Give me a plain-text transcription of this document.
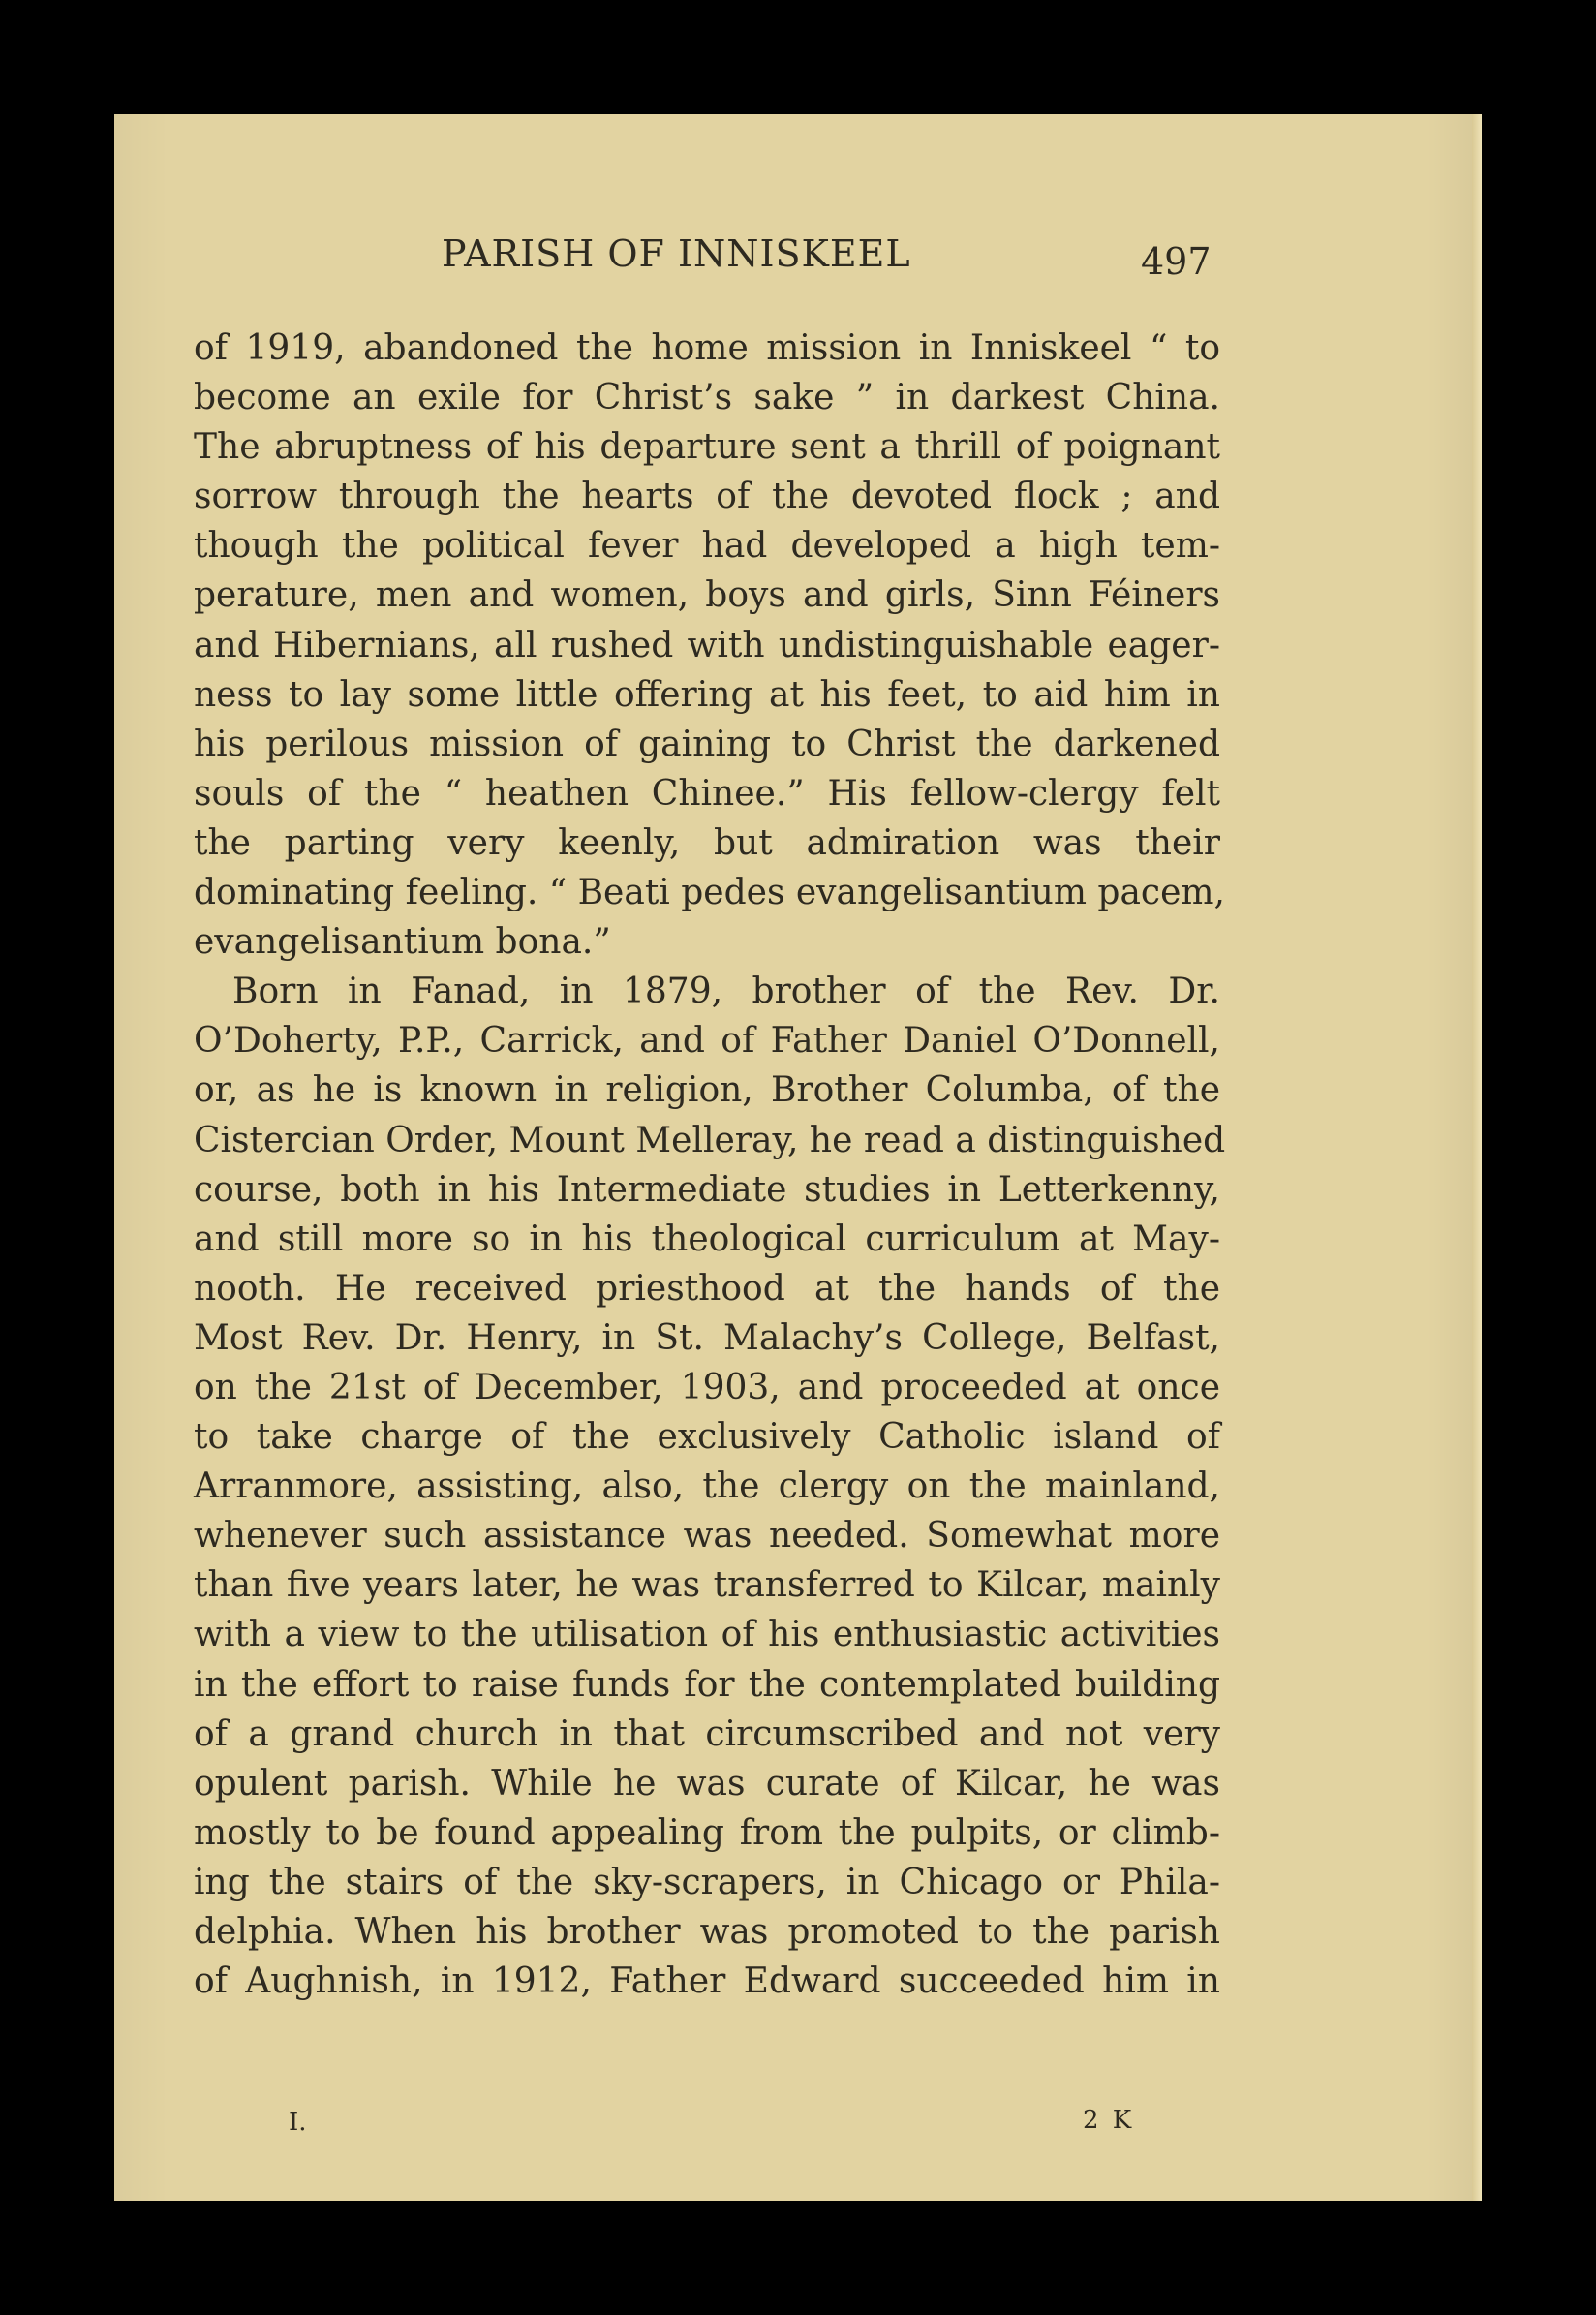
PARISH OF INNISKEEL	497
of 1919, abandoned the home mission in Inniskeel “ to
become an exile for Christ’s sake ” in darkest China.
The abruptness of his departure sent a thrill of poignant
sorrow through the hearts of the devoted flock ; and
though the political fever had developed a high tem-
perature, men and women, boys and girls, Sinn Féiners
and Hibernians, all rushed with undistinguishable eager-
ness to lay some little offering at his feet, to aid him in
his perilous mission of gaining to Christ the darkened
souls of the “ heathen Chinee.” His fellow-clergy felt
the parting very keenly, but admiration was their
dominating feeling. “ Beati pedes evangelisantium pacem,
evangelisantium bona.”
Born in Fanad, in 1879, brother of the Rev. Dr.
O’Doherty, P.P., Carrick, and of Father Daniel O’Donnell,
or, as he is known in religion, Brother Columba, of the
Cistercian Order, Mount Melleray, he read a distinguished
course, both in his Intermediate studies in Letterkenny,
and still more so in his theological curriculum at May-
nooth. He received priesthood at the hands of the
Most Rev. Dr. Henry, in St. Malachy’s College, Belfast,
on the 21st of December, 1903, and proceeded at once
to take charge of the exclusively Catholic island of
Arranmore, assisting, also, the clergy on the mainland,
whenever such assistance was needed. Somewhat more
than five years later, he was transferred to Kilcar, mainly
with a view to the utilisation of his enthusiastic activities
in the effort to raise funds for the contemplated building
of a grand church in that circumscribed and not very
opulent parish. While he was curate of Kilcar, he was
mostly to be found appealing from the pulpits, or climb-
ing the stairs of the sky-scrapers, in Chicago or Phila-
delphia. When his brother was promoted to the parish
of Aughnish, in 1912, Father Edward succeeded him in
I.	2 K
